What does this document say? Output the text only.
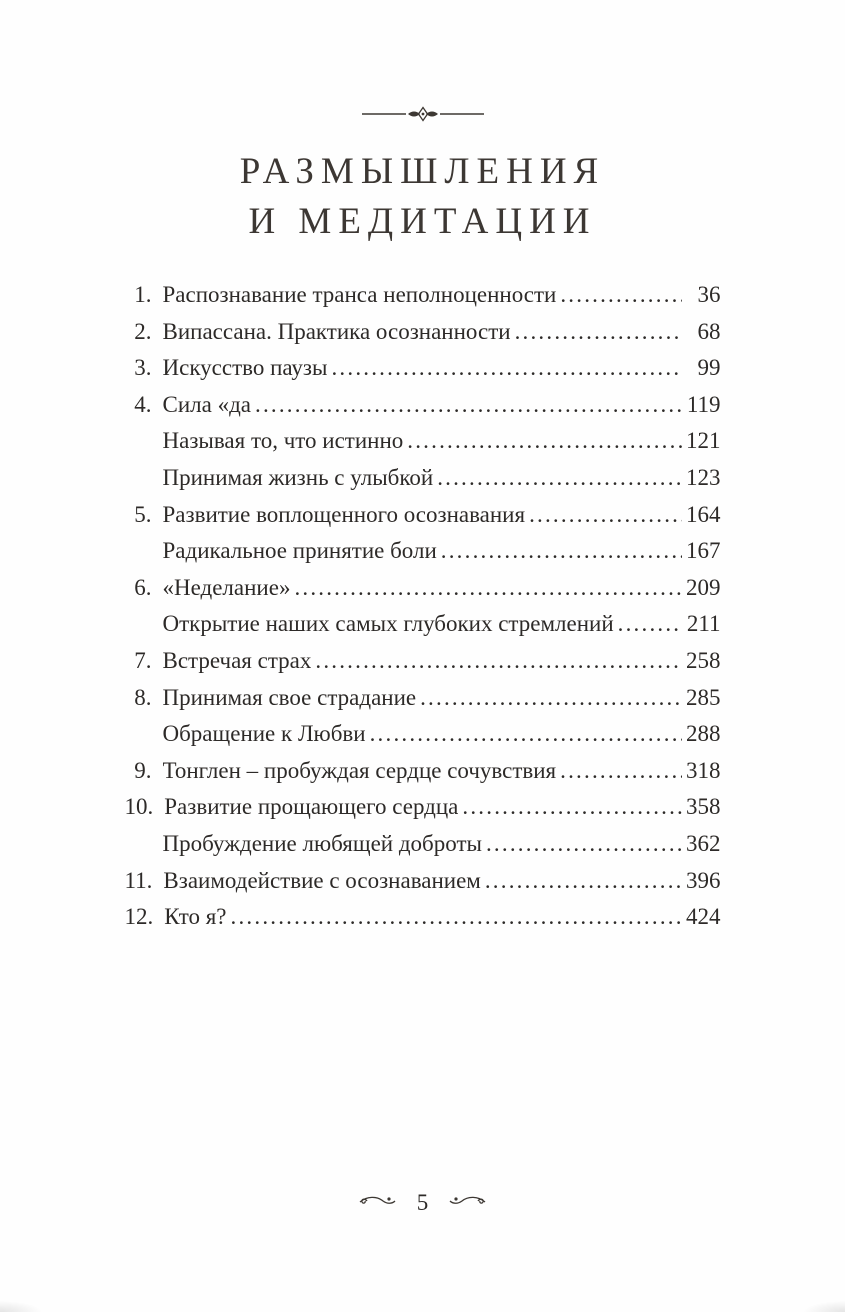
РАЗМЫШЛЕНИЯ
И МЕДИТАЦИИ
1. Распознавание транса неполноценности .....	36
2. Випассана. Практика осознанности .....	68
3. Искусство паузы .....	99
4. Сила «да .....	119
Называя то, что истинно .....	121
Принимая жизнь с улыбкой .....	123
5. Развитие воплощенного осознавания .....	164
Радикальное принятие боли .....	167
6. «Неделание» .....	209
Открытие наших самых глубоких стремлений .....	211
7. Встречая страх .....	258
8. Принимая свое страдание .....	285
Обращение к Любви .....	288
9. Тонглен – пробуждая сердце сочувствия .....	318
10. Развитие прощающего сердца .....	358
Пробуждение любящей доброты .....	362
11. Взаимодействие с осознаванием .....	396
12. Кто я? .....	424
5
